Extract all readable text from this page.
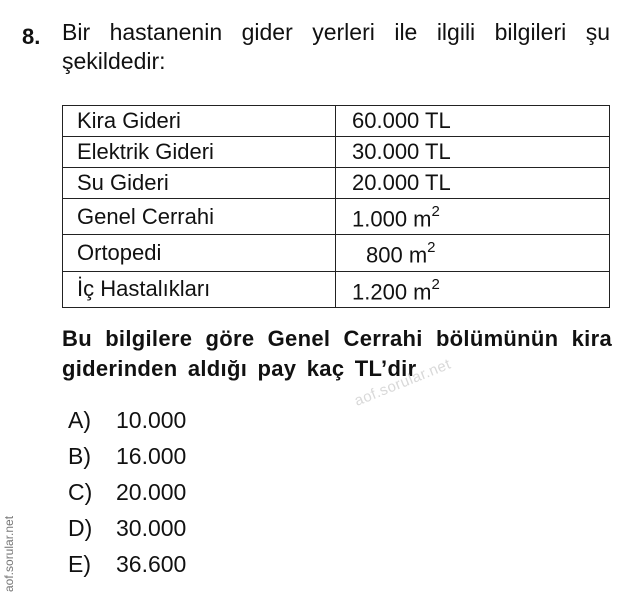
8. Bir hastanenin gider yerleri ile ilgili bilgileri şu şekildedir:
Kira Gideri	60.000 TL
Elektrik Gideri	30.000 TL
Su Gideri	20.000 TL
Genel Cerrahi	1.000 $m^2$
Ortopedi	800 $m^2$
İç Hastalıkları	1.200 $m^2$
Bu bilgilere göre Genel Cerrahi bölümünün kira giderinden aldığı pay kaç TL’dir
aof.sorular.net
A)	10.000
B)	16.000
C)	20.000
D)	30.000
E)	36.600
aof.sorular.net
